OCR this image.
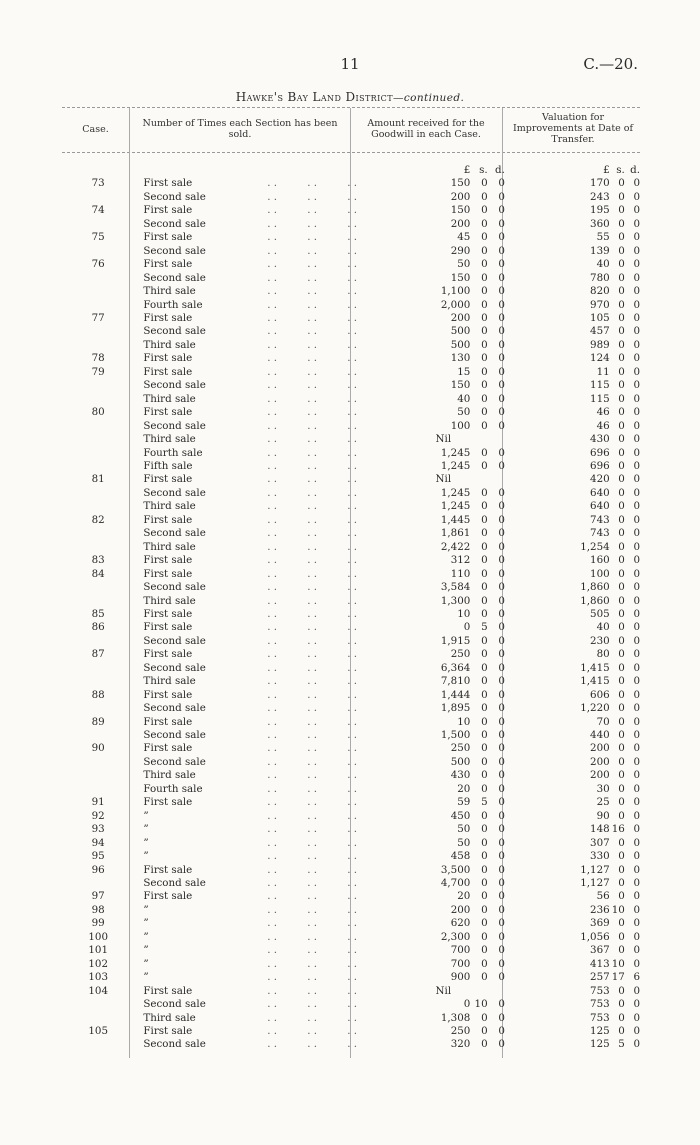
11	C.—20.
Hawke's Bay Land District—continued.
Case.
Number of Times each Section has been sold.
Amount received for the Goodwill in each Case.
Valuation for Improvements at Date of Transfer.
			£	s.	d.		£	s.	d.
73	First sale	. . . . . .	150	0	0		170	0	0
	Second sale	. . . . . .	200	0	0		243	0	0
74	First sale	. . . . . .	150	0	0		195	0	0
	Second sale	. . . . . .	200	0	0		360	0	0
75	First sale	. . . . . .	45	0	0		55	0	0
	Second sale	. . . . . .	290	0	0		139	0	0
76	First sale	. . . . . .	50	0	0		40	0	0
	Second sale	. . . . . .	150	0	0		780	0	0
	Third sale	. . . . . .	1,100	0	0		820	0	0
	Fourth sale	. . . . . .	2,000	0	0		970	0	0
77	First sale	. . . . . .	200	0	0		105	0	0
	Second sale	. . . . . .	500	0	0		457	0	0
	Third sale	. . . . . .	500	0	0		989	0	0
78	First sale	. . . . . .	130	0	0		124	0	0
79	First sale	. . . . . .	15	0	0		11	0	0
	Second sale	. . . . . .	150	0	0		115	0	0
	Third sale	. . . . . .	40	0	0		115	0	0
80	First sale	. . . . . .	50	0	0		46	0	0
	Second sale	. . . . . .	100	0	0		46	0	0
	Third sale	. . . . . .	Nil				430	0	0
	Fourth sale	. . . . . .	1,245	0	0		696	0	0
	Fifth sale	. . . . . .	1,245	0	0		696	0	0
81	First sale	. . . . . .	Nil				420	0	0
	Second sale	. . . . . .	1,245	0	0		640	0	0
	Third sale	. . . . . .	1,245	0	0		640	0	0
82	First sale	. . . . . .	1,445	0	0		743	0	0
	Second sale	. . . . . .	1,861	0	0		743	0	0
	Third sale	. . . . . .	2,422	0	0		1,254	0	0
83	First sale	. . . . . .	312	0	0		160	0	0
84	First sale	. . . . . .	110	0	0		100	0	0
	Second sale	. . . . . .	3,584	0	0		1,860	0	0
	Third sale	. . . . . .	1,300	0	0		1,860	0	0
85	First sale	. . . . . .	10	0	0		505	0	0
86	First sale	. . . . . .	0	5	0		40	0	0
	Second sale	. . . . . .	1,915	0	0		230	0	0
87	First sale	. . . . . .	250	0	0		80	0	0
	Second sale	. . . . . .	6,364	0	0		1,415	0	0
	Third sale	. . . . . .	7,810	0	0		1,415	0	0
88	First sale	. . . . . .	1,444	0	0		606	0	0
	Second sale	. . . . . .	1,895	0	0		1,220	0	0
89	First sale	. . . . . .	10	0	0		70	0	0
	Second sale	. . . . . .	1,500	0	0		440	0	0
90	First sale	. . . . . .	250	0	0		200	0	0
	Second sale	. . . . . .	500	0	0		200	0	0
	Third sale	. . . . . .	430	0	0		200	0	0
	Fourth sale	. . . . . .	20	0	0		30	0	0
91	First sale	. . . . . .	59	5	0		25	0	0
92	”	. . . . . .	450	0	0		90	0	0
93	”	. . . . . .	50	0	0		148	16	0
94	”	. . . . . .	50	0	0		307	0	0
95	”	. . . . . .	458	0	0		330	0	0
96	First sale	. . . . . .	3,500	0	0		1,127	0	0
	Second sale	. . . . . .	4,700	0	0		1,127	0	0
97	First sale	. . . . . .	20	0	0		56	0	0
98	”	. . . . . .	200	0	0		236	10	0
99	”	. . . . . .	620	0	0		369	0	0
100	”	. . . . . .	2,300	0	0		1,056	0	0
101	”	. . . . . .	700	0	0		367	0	0
102	”	. . . . . .	700	0	0		413	10	0
103	”	. . . . . .	900	0	0		257	17	6
104	First sale	. . . . . .	Nil				753	0	0
	Second sale	. . . . . .	0	10	0		753	0	0
	Third sale	. . . . . .	1,308	0	0		753	0	0
105	First sale	. . . . . .	250	0	0		125	0	0
	Second sale	. . . . . .	320	0	0		125	5	0
